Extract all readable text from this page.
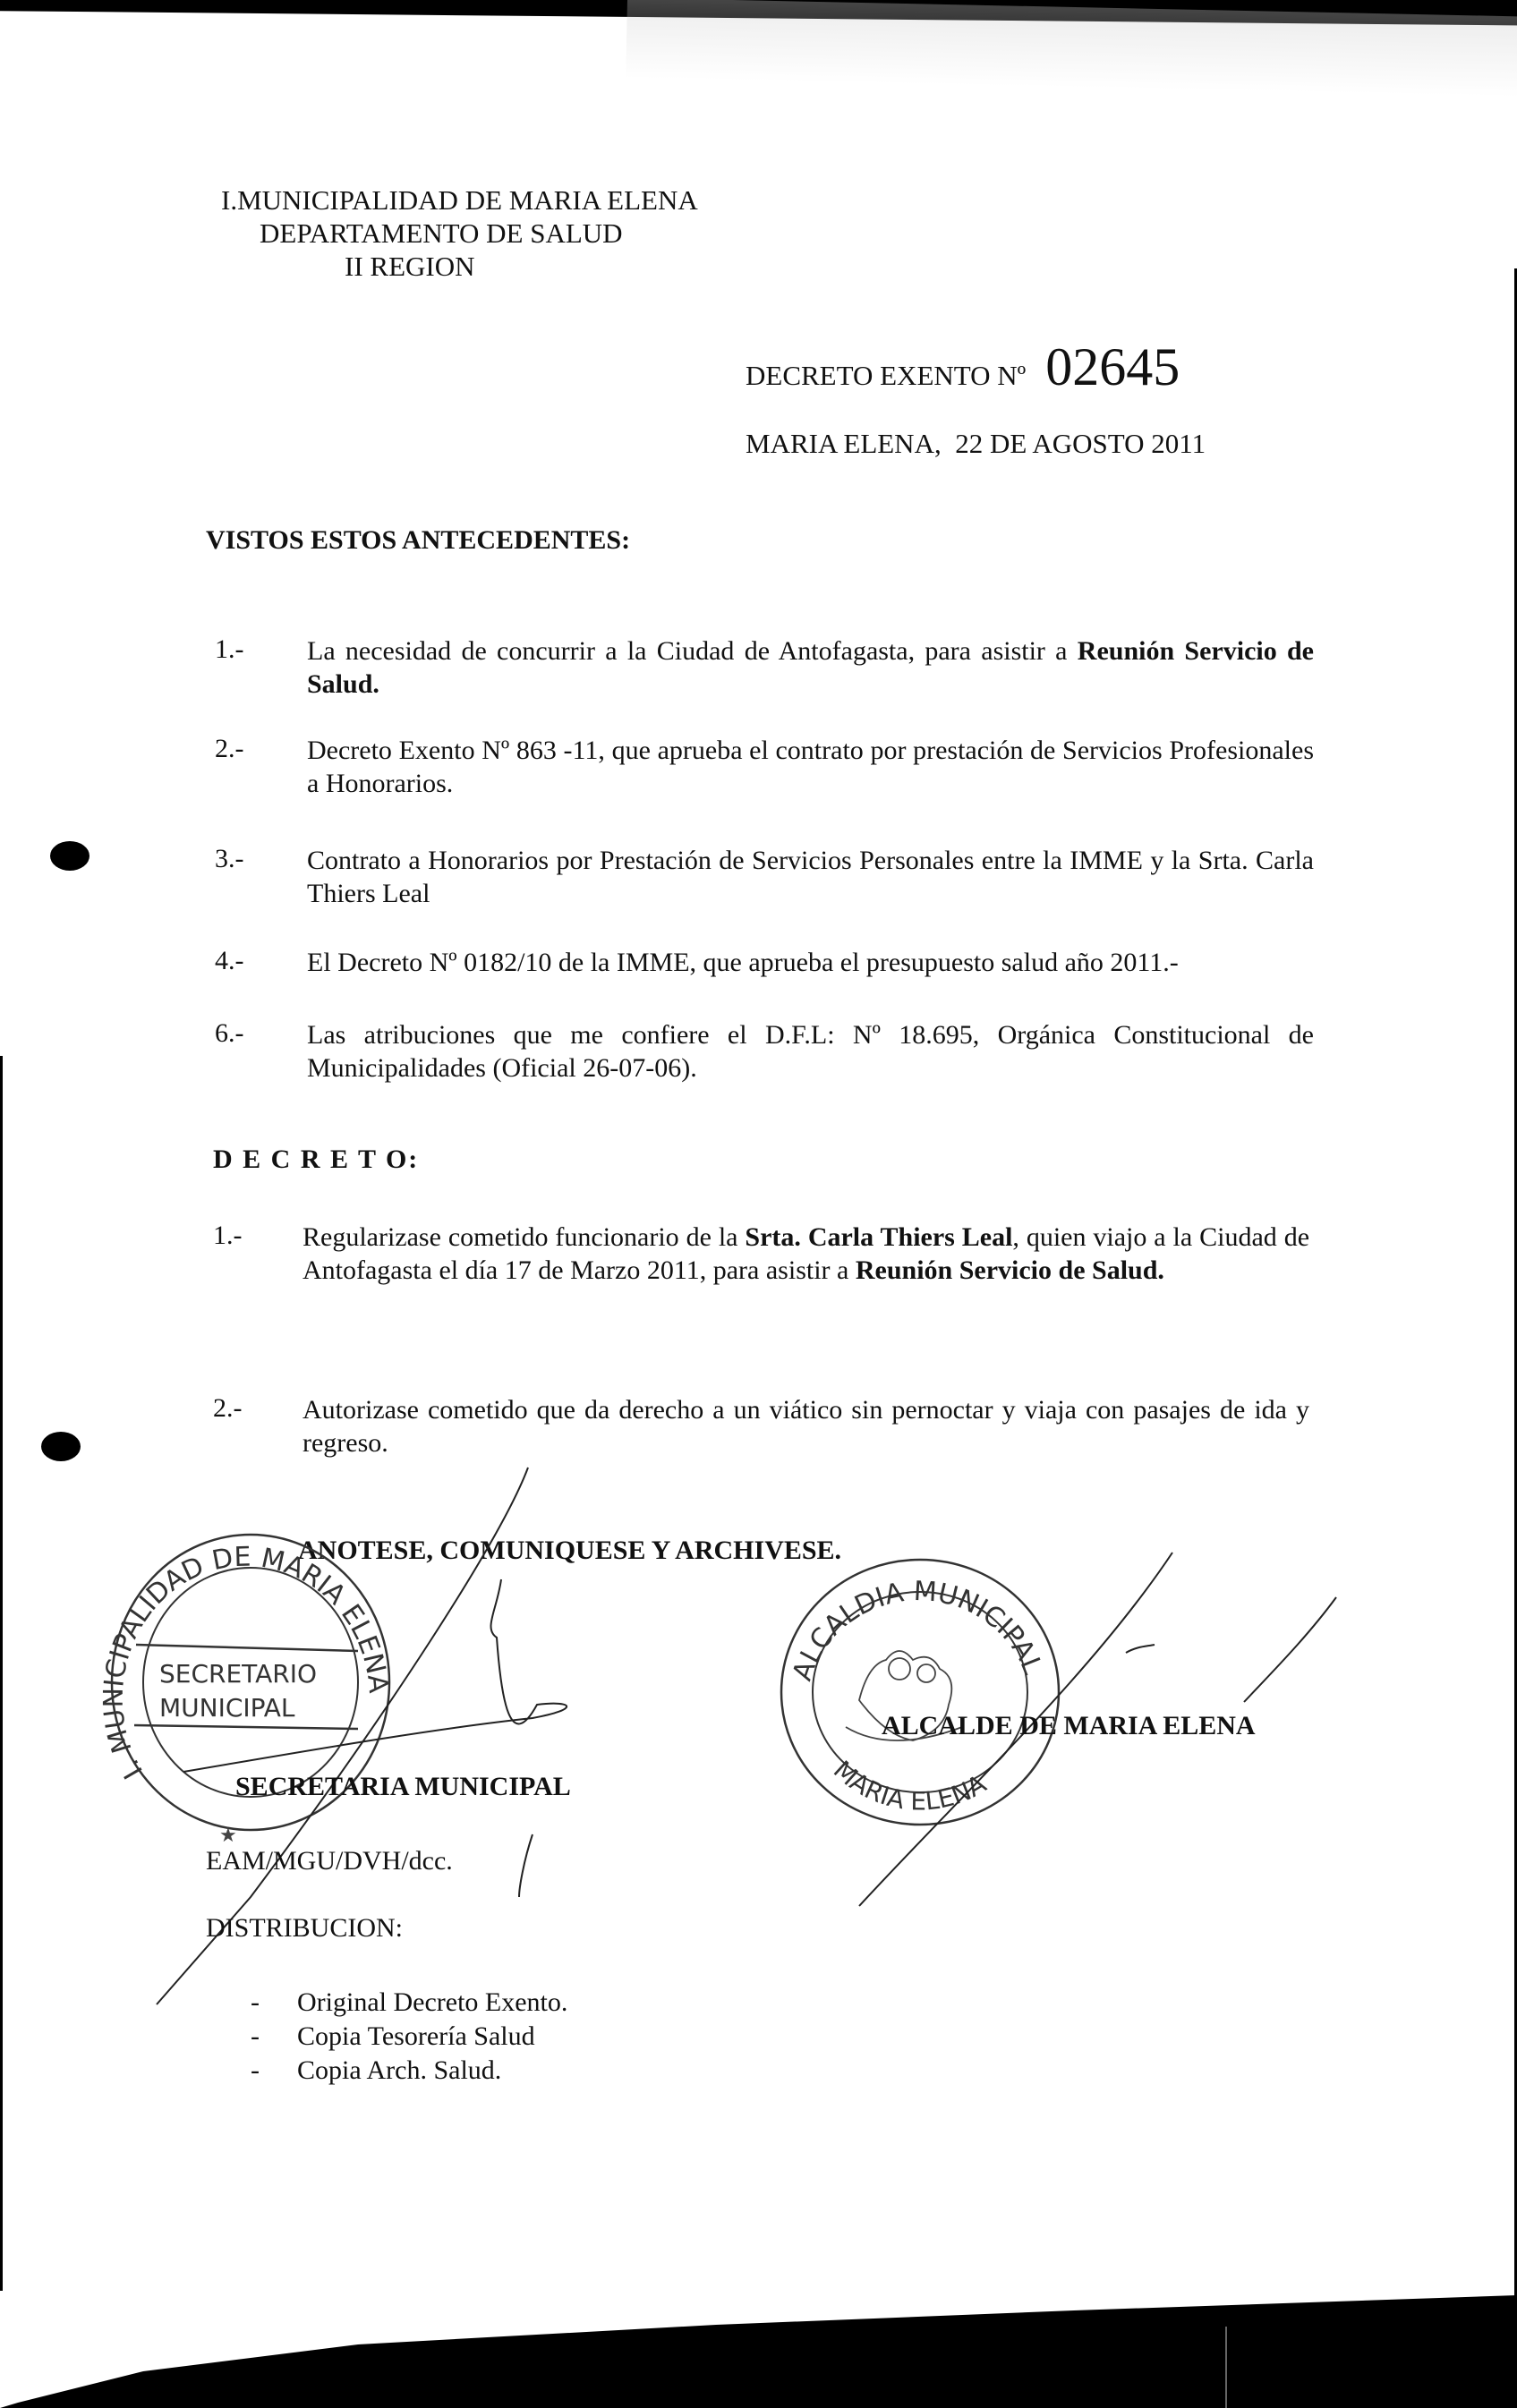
I.MUNICIPALIDAD DE MARIA ELENA
DEPARTAMENTO DE SALUD
II REGION
DECRETO EXENTO Nº 02645
MARIA ELENA,  22 DE AGOSTO 2011
VISTOS ESTOS ANTECEDENTES:
1.- La necesidad de concurrir a la Ciudad de Antofagasta, para asistir a Reunión Servicio de Salud.
2.- Decreto Exento Nº 863 -11, que aprueba el contrato por prestación de Servicios Profesionales a Honorarios.
3.- Contrato a Honorarios por Prestación de Servicios Personales entre la IMME y la Srta. Carla Thiers Leal
4.- El Decreto Nº 0182/10 de la IMME, que aprueba el presupuesto salud año 2011.-
6.- Las atribuciones que me confiere el D.F.L: Nº 18.695, Orgánica Constitucional de Municipalidades (Oficial 26-07-06).
D E C R E T O:
1.- Regularizase cometido funcionario de la Srta. Carla Thiers Leal, quien viajo a la Ciudad de Antofagasta el día 17 de Marzo 2011, para asistir a Reunión Servicio de Salud.
2.- Autorizase cometido que da derecho a un viático sin pernoctar y viaja con pasajes de ida y regreso.
ANOTESE, COMUNIQUESE Y ARCHIVESE.
I. MUNICIPALIDAD DE MARIA ELENA
SECRETARIO
MUNICIPAL
★
ALCALDIA MUNICIPAL
MARIA ELENA
SECRETARIA MUNICIPAL
ALCALDE DE MARIA ELENA
EAM/MGU/DVH/dcc.
DISTRIBUCION:
- Original Decreto Exento.
- Copia Tesorería Salud
- Copia Arch. Salud.
